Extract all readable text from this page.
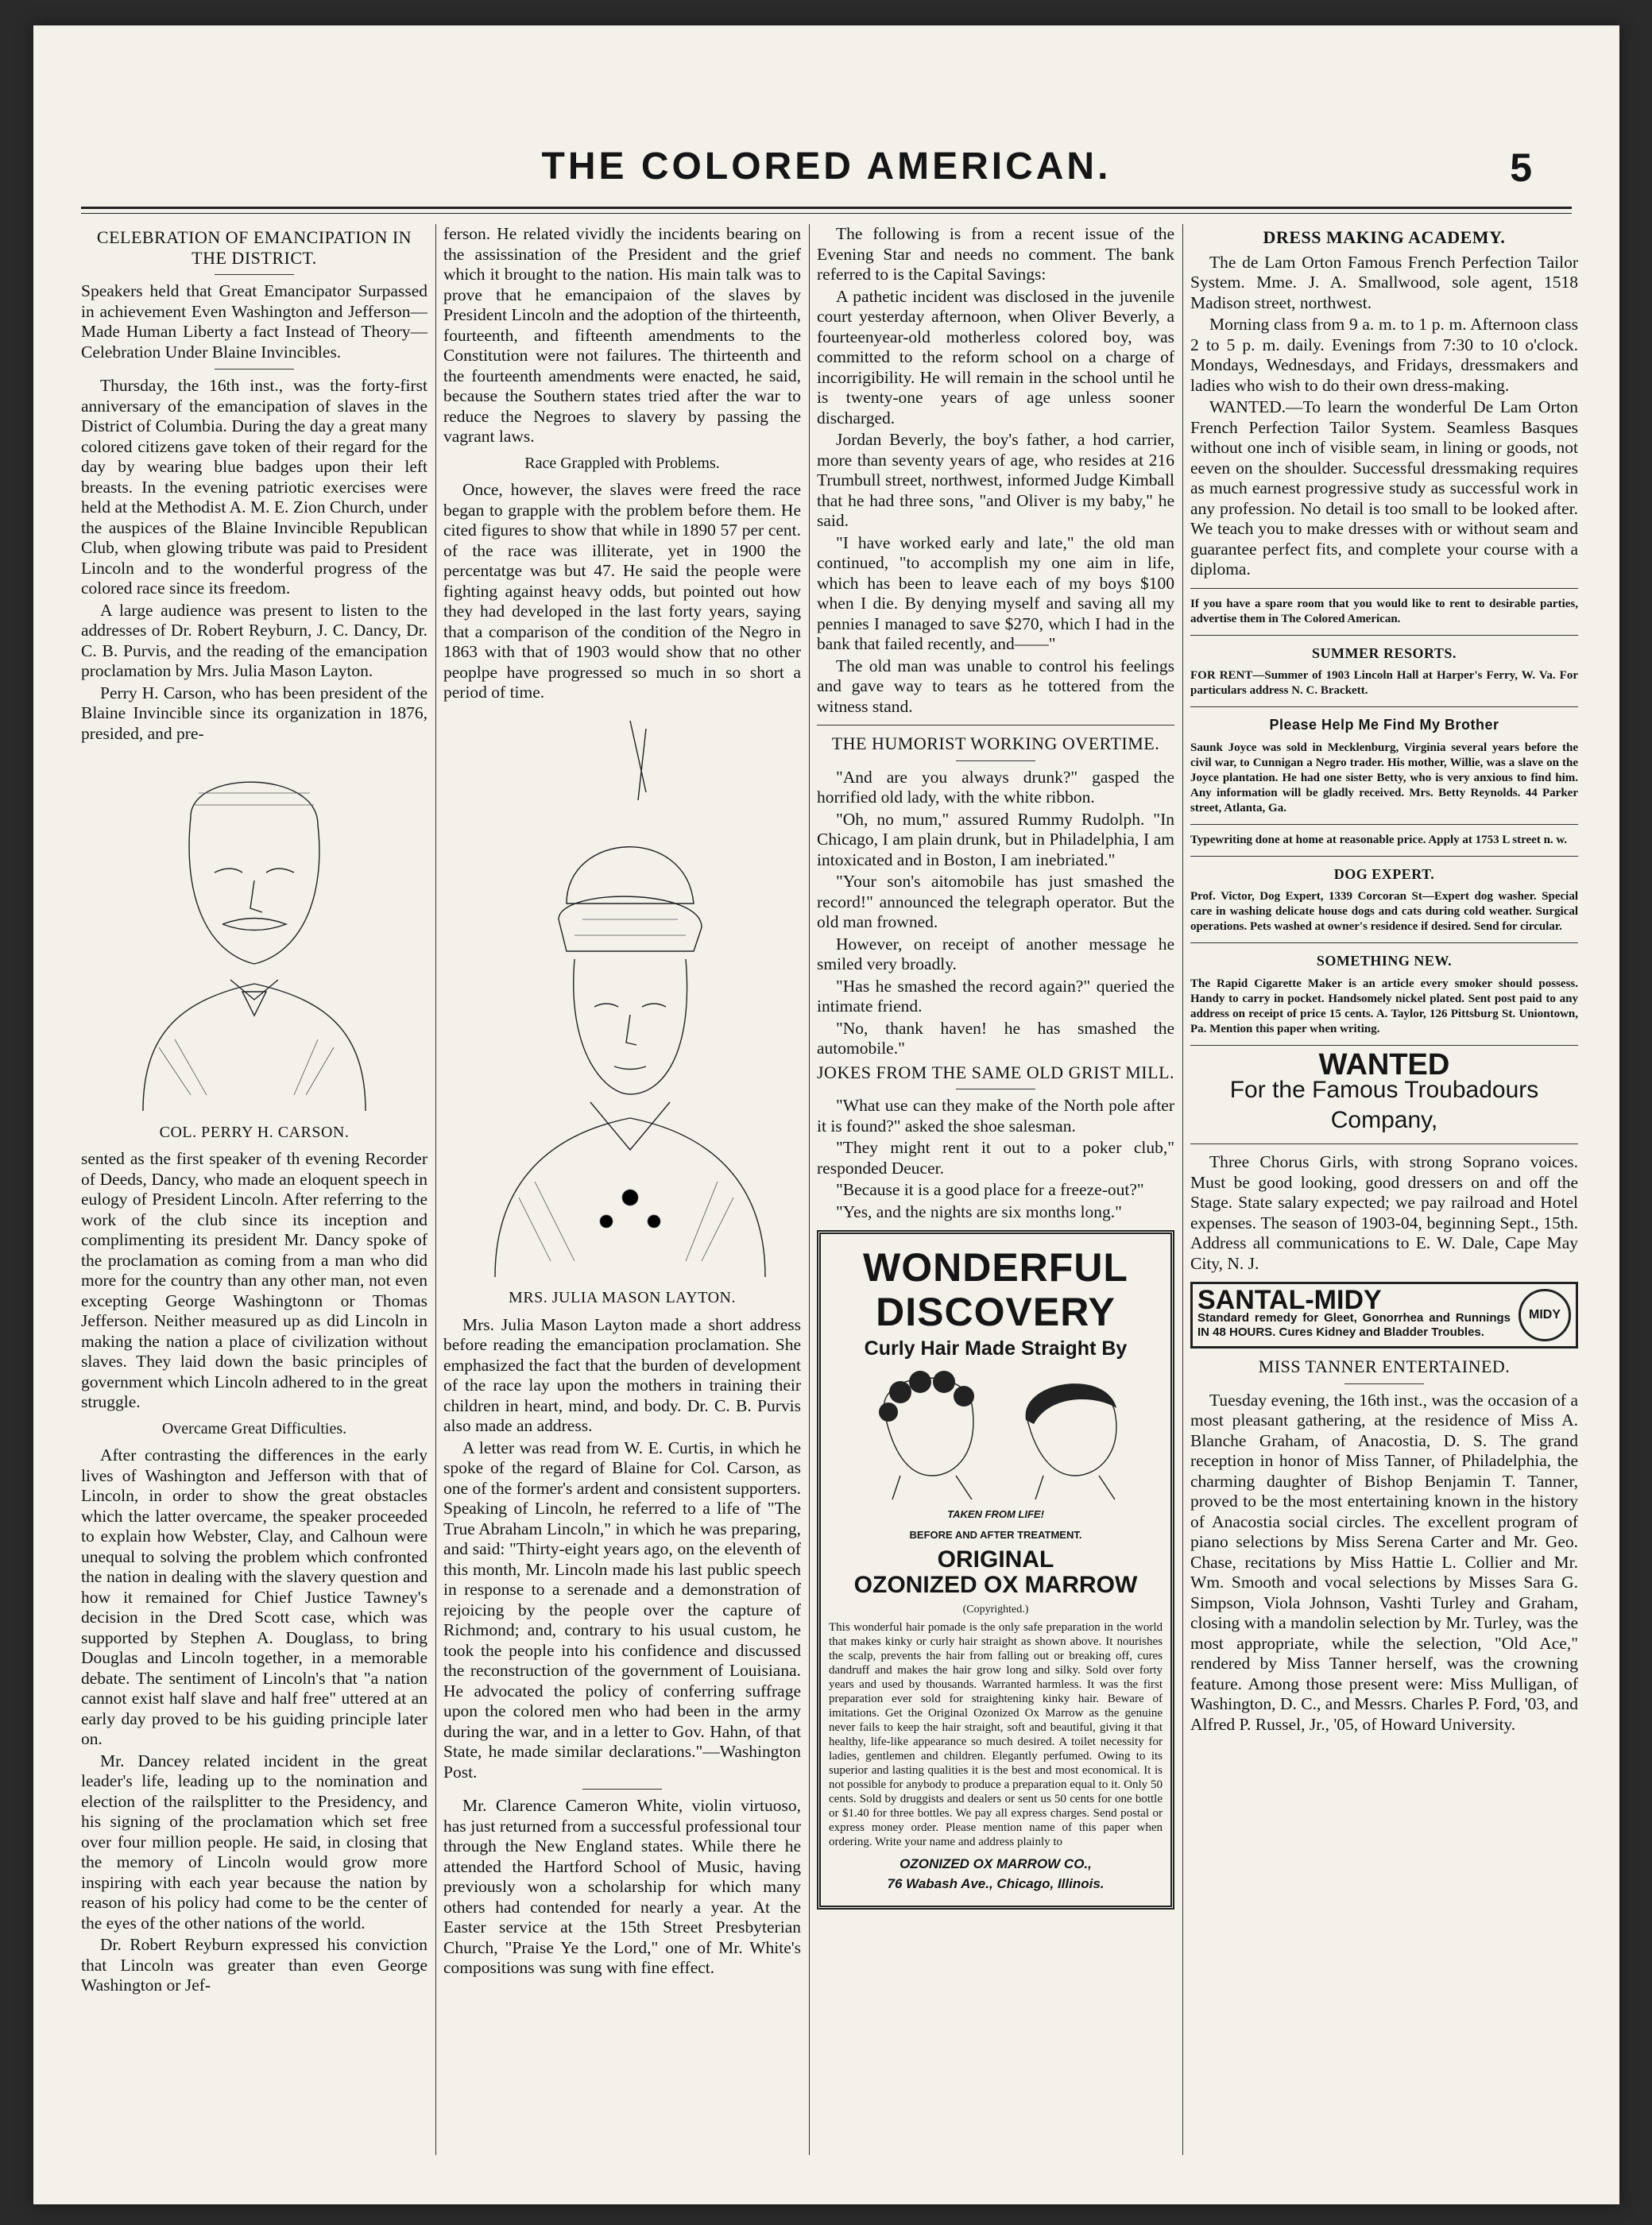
THE COLORED AMERICAN.	5
CELEBRATION OF EMANCIPATION IN THE DISTRICT.

Speakers held that Great Emancipator Surpassed in achievement Even Washington and Jefferson—Made Human Liberty a fact Instead of Theory—Celebration Under Blaine Invincibles.

Thursday, the 16th inst., was the forty-first anniversary of the emancipation of slaves in the District of Columbia. During the day a great many colored citizens gave token of their regard for the day by wearing blue badges upon their left breasts. In the evening patriotic exercises were held at the Methodist A. M. E. Zion Church, under the auspices of the Blaine Invincible Republican Club, when glowing tribute was paid to President Lincoln and to the wonderful progress of the colored race since its freedom.

A large audience was present to listen to the addresses of Dr. Robert Reyburn, J. C. Dancy, Dr. C. B. Purvis, and the reading of the emancipation proclamation by Mrs. Julia Mason Layton.

Perry H. Carson, who has been president of the Blaine Invincible since its organization in 1876, presided, and pre-

COL. PERRY H. CARSON.

sented as the first speaker of th evening Recorder of Deeds, Dancy, who made an eloquent speech in eulogy of President Lincoln. After referring to the work of the club since its inception and complimenting its president Mr. Dancy spoke of the proclamation as coming from a man who did more for the country than any other man, not even excepting George Washingtonn or Thomas Jefferson. Neither measured up as did Lincoln in making the nation a place of civilization without slaves. They laid down the basic principles of government which Lincoln adhered to in the great struggle.

Overcame Great Difficulties.

After contrasting the differences in the early lives of Washington and Jefferson with that of Lincoln, in order to show the great obstacles which the latter overcame, the speaker proceeded to explain how Webster, Clay, and Calhoun were unequal to solving the problem which confronted the nation in dealing with the slavery question and how it remained for Chief Justice Tawney's decision in the Dred Scott case, which was supported by Stephen A. Douglass, to bring Douglas and Lincoln together, in a memorable debate. The sentiment of Lincoln's that "a nation cannot exist half slave and half free" uttered at an early day proved to be his guiding principle later on.

Mr. Dancey related incident in the great leader's life, leading up to the nomination and election of the railsplitter to the Presidency, and his signing of the proclamation which set free over four million people. He said, in closing that the memory of Lincoln would grow more inspiring with each year because the nation by reason of his policy had come to be the center of the eyes of the other nations of the world.

Dr. Robert Reyburn expressed his conviction that Lincoln was greater than even George Washington or Jef-

ferson. He related vividly the incidents bearing on the assissination of the President and the grief which it brought to the nation. His main talk was to prove that he emancipaion of the slaves by President Lincoln and the adoption of the thirteenth, fourteenth, and fifteenth amendments to the Constitution were not failures. The thirteenth and the fourteenth amendments were enacted, he said, because the Southern states tried after the war to reduce the Negroes to slavery by passing the vagrant laws.

Race Grappled with Problems.

Once, however, the slaves were freed the race began to grapple with the problem before them. He cited figures to show that while in 1890 57 per cent. of the race was illiterate, yet in 1900 the percentatge was but 47. He said the people were fighting against heavy odds, but pointed out how they had developed in the last forty years, saying that a comparison of the condition of the Negro in 1863 with that of 1903 would show that no other peoplpe have progressed so much in so short a period of time.

MRS. JULIA MASON LAYTON.

Mrs. Julia Mason Layton made a short address before reading the emancipation proclamation. She emphasized the fact that the burden of development of the race lay upon the mothers in training their children in heart, mind, and body. Dr. C. B. Purvis also made an address.

A letter was read from W. E. Curtis, in which he spoke of the regard of Blaine for Col. Carson, as one of the former's ardent and consistent supporters. Speaking of Lincoln, he referred to a life of "The True Abraham Lincoln," in which he was preparing, and said: "Thirty-eight years ago, on the eleventh of this month, Mr. Lincoln made his last public speech in response to a serenade and a demonstration of rejoicing by the people over the capture of Richmond; and, contrary to his usual custom, he took the people into his confidence and discussed the reconstruction of the government of Louisiana. He advocated the policy of conferring suffrage upon the colored men who had been in the army during the war, and in a letter to Gov. Hahn, of that State, he made similar declarations."—Washington Post.

Mr. Clarence Cameron White, violin virtuoso, has just returned from a successful professional tour through the New England states. While there he attended the Hartford School of Music, having previously won a scholarship for which many others had contended for nearly a year. At the Easter service at the 15th Street Presbyterian Church, "Praise Ye the Lord," one of Mr. White's compositions was sung with fine effect.

The following is from a recent issue of the Evening Star and needs no comment. The bank referred to is the Capital Savings:

A pathetic incident was disclosed in the juvenile court yesterday afternoon, when Oliver Beverly, a fourteenyear-old motherless colored boy, was committed to the reform school on a charge of incorrigibility. He will remain in the school until he is twenty-one years of age unless sooner discharged.

Jordan Beverly, the boy's father, a hod carrier, more than seventy years of age, who resides at 216 Trumbull street, northwest, informed Judge Kimball that he had three sons, "and Oliver is my baby," he said.

"I have worked early and late," the old man continued, "to accomplish my one aim in life, which has been to leave each of my boys $100 when I die. By denying myself and saving all my pennies I managed to save $270, which I had in the bank that failed recently, and——"

The old man was unable to control his feelings and gave way to tears as he tottered from the witness stand.

THE HUMORIST WORKING OVERTIME.

"And are you always drunk?" gasped the horrified old lady, with the white ribbon.

"Oh, no mum," assured Rummy Rudolph. "In Chicago, I am plain drunk, but in Philadelphia, I am intoxicated and in Boston, I am inebriated."

"Your son's aitomobile has just smashed the record!" announced the telegraph operator. But the old man frowned.

However, on receipt of another message he smiled very broadly.

"Has he smashed the record again?" queried the intimate friend.

"No, thank haven! he has smashed the automobile."

JOKES FROM THE SAME OLD GRIST MILL.

"What use can they make of the North pole after it is found?" asked the shoe salesman.

"They might rent it out to a poker club," responded Deucer.

"Because it is a good place for a freeze-out?"

"Yes, and the nights are six months long."

WONDERFUL
DISCOVERY
Curly Hair Made Straight By
TAKEN FROM LIFE!
BEFORE AND AFTER TREATMENT.
ORIGINAL
OZONIZED OX MARROW
(Copyrighted.)
This wonderful hair pomade is the only safe preparation in the world that makes kinky or curly hair straight as shown above. It nourishes the scalp, prevents the hair from falling out or breaking off, cures dandruff and makes the hair grow long and silky. Sold over forty years and used by thousands. Warranted harmless. It was the first preparation ever sold for straightening kinky hair. Beware of imitations. Get the Original Ozonized Ox Marrow as the genuine never fails to keep the hair straight, soft and beautiful, giving it that healthy, life-like appearance so much desired. A toilet necessity for ladies, gentlemen and children. Elegantly perfumed. Owing to its superior and lasting qualities it is the best and most economical. It is not possible for anybody to produce a preparation equal to it. Only 50 cents. Sold by druggists and dealers or sent us 50 cents for one bottle or $1.40 for three bottles. We pay all express charges. Send postal or express money order. Please mention name of this paper when ordering. Write your name and address plainly to
OZONIZED OX MARROW CO.,
76 Wabash Ave., Chicago, Illinois.
DRESS MAKING ACADEMY.

The de Lam Orton Famous French Perfection Tailor System. Mme. J. A. Smallwood, sole agent, 1518 Madison street, northwest.

Morning class from 9 a. m. to 1 p. m. Afternoon class 2 to 5 p. m. daily. Evenings from 7:30 to 10 o'clock. Mondays, Wednesdays, and Fridays, dressmakers and ladies who wish to do their own dress-making.

WANTED.—To learn the wonderful De Lam Orton French Perfection Tailor System. Seamless Basques without one inch of visible seam, in lining or goods, not eeven on the shoulder. Successful dressmaking requires as much earnest progressive study as successful work in any profession. No detail is too small to be looked after. We teach you to make dresses with or without seam and guarantee perfect fits, and complete your course with a diploma.

If you have a spare room that you would like to rent to desirable parties, advertise them in The Colored American.
SUMMER RESORTS.
FOR RENT—Summer of 1903 Lincoln Hall at Harper's Ferry, W. Va. For particulars address N. C. Brackett.
Please Help Me Find My Brother
Saunk Joyce was sold in Mecklenburg, Virginia several years before the civil war, to Cunnigan a Negro trader. His mother, Willie, was a slave on the Joyce plantation. He had one sister Betty, who is very anxious to find him. Any information will be gladly received. Mrs. Betty Reynolds. 44 Parker street, Atlanta, Ga.
Typewriting done at home at reasonable price. Apply at 1753 L street n. w.
DOG EXPERT.
Prof. Victor, Dog Expert, 1339 Corcoran St—Expert dog washer. Special care in washing delicate house dogs and cats during cold weather. Surgical operations. Pets washed at owner's residence if desired. Send for circular.
SOMETHING NEW.
The Rapid Cigarette Maker is an article every smoker should possess. Handy to carry in pocket. Handsomely nickel plated. Sent post paid to any address on receipt of price 15 cents. A. Taylor, 126 Pittsburg St. Uniontown, Pa. Mention this paper when writing.
WANTED
For the Famous Troubadours Company,

Three Chorus Girls, with strong Soprano voices. Must be good looking, good dressers on and off the Stage. State salary expected; we pay railroad and Hotel expenses. The season of 1903-04, beginning Sept., 15th. Address all communications to E. W. Dale, Cape May City, N. J.

SANTAL-MIDY
Standard remedy for Gleet, Gonorrhea and Runnings IN 48 HOURS. Cures Kidney and Bladder Troubles.
MIDY
MISS TANNER ENTERTAINED.

Tuesday evening, the 16th inst., was the occasion of a most pleasant gathering, at the residence of Miss A. Blanche Graham, of Anacostia, D. S. The grand reception in honor of Miss Tanner, of Philadelphia, the charming daughter of Bishop Benjamin T. Tanner, proved to be the most entertaining known in the history of Anacostia social circles. The excellent program of piano selections by Miss Serena Carter and Mr. Geo. Chase, recitations by Miss Hattie L. Collier and Mr. Wm. Smooth and vocal selections by Misses Sara G. Simpson, Viola Johnson, Vashti Turley and Graham, closing with a mandolin selection by Mr. Turley, was the most appropriate, while the selection, "Old Ace," rendered by Miss Tanner herself, was the crowning feature. Among those present were: Miss Mulligan, of Washington, D. C., and Messrs. Charles P. Ford, '03, and Alfred P. Russel, Jr., '05, of Howard University.
